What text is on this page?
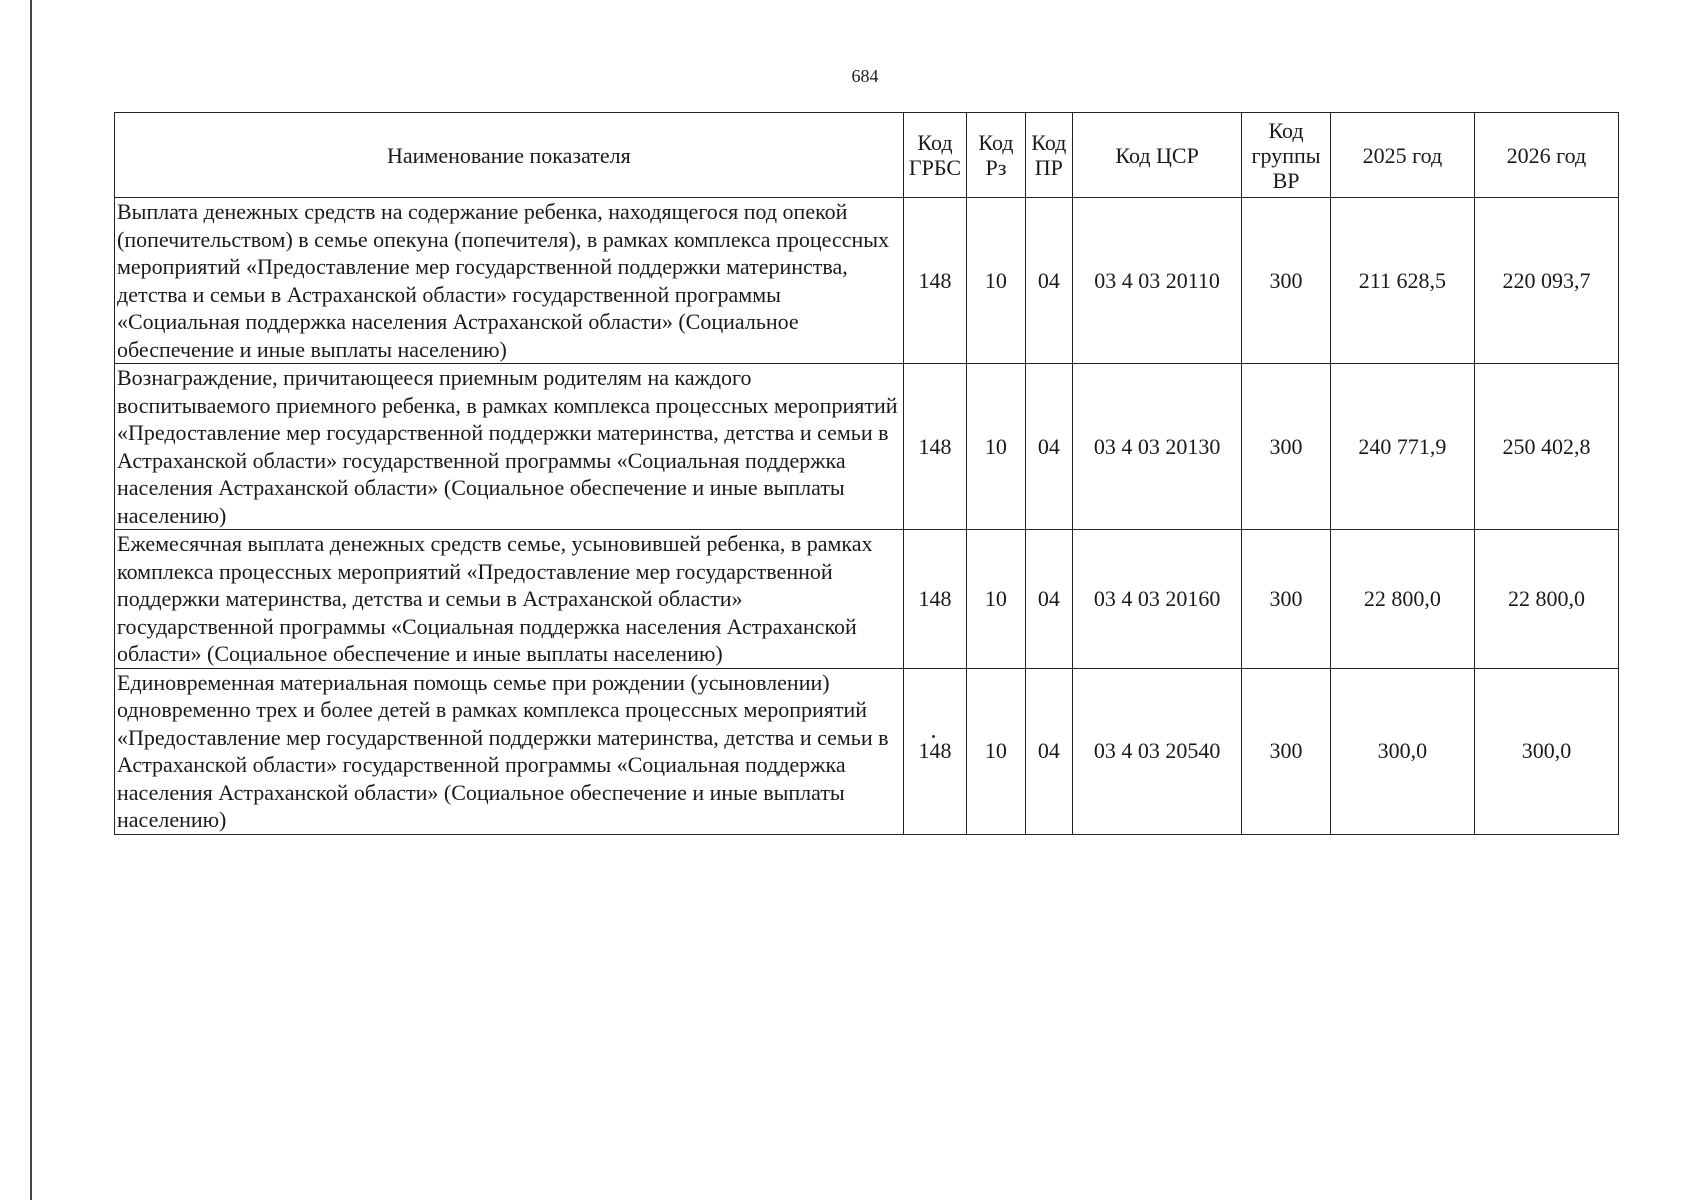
684
Наименование показателя	Код ГРБС	Код Рз	Код ПР	Код ЦСР	Код группы ВР	2025 год	2026 год
Выплата денежных средств на содержание ребенка, находящегося под опекой (попечительством) в семье опекуна (попечителя), в рамках комплекса процессных мероприятий «Предоставление мер государственной поддержки материнства, детства и семьи в Астраханской области» государственной программы «Социальная поддержка населения Астраханской области» (Социальное обеспечение и иные выплаты населению)	148	10	04	03 4 03 20110	300	211 628,5	220 093,7
Вознаграждение, причитающееся приемным родителям на каждого воспитываемого приемного ребенка, в рамках комплекса процессных мероприятий «Предоставление мер государственной поддержки материнства, детства и семьи в Астраханской области» государственной программы «Социальная поддержка населения Астраханской области» (Социальное обеспечение и иные выплаты населению)	148	10	04	03 4 03 20130	300	240 771,9	250 402,8
Ежемесячная выплата денежных средств семье, усыновившей ребенка, в рамках комплекса процессных мероприятий «Предоставление мер государственной поддержки материнства, детства и семьи в Астраханской области» государственной программы «Социальная поддержка населения Астраханской области» (Социальное обеспечение и иные выплаты населению)	148	10	04	03 4 03 20160	300	22 800,0	22 800,0
Единовременная материальная помощь семье при рождении (усыновлении) одновременно трех и более детей в рамках комплекса процессных мероприятий «Предоставление мер государственной поддержки материнства, детства и семьи в Астраханской области» государственной программы «Социальная поддержка населения Астраханской области» (Социальное обеспечение и иные выплаты населению)	148	10	04	03 4 03 20540	300	300,0	300,0
